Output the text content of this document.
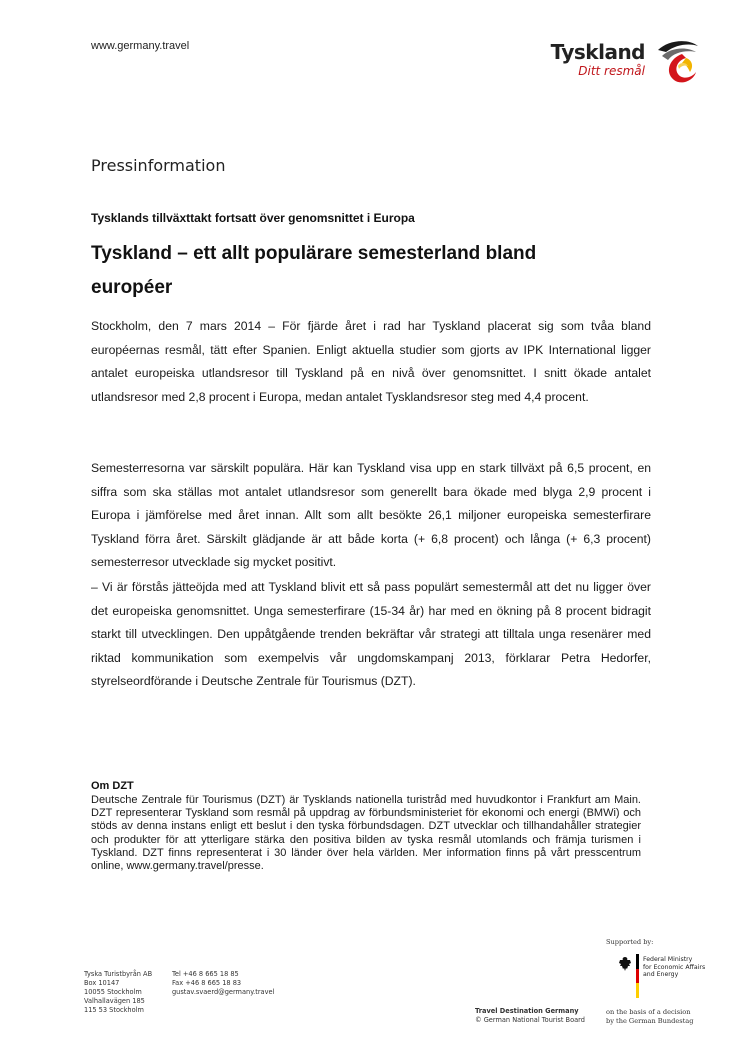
www.germany.travel	Tyskland
Ditt resmål
Pressinformation
Tysklands tillväxttakt fortsatt över genomsnittet i Europa
Tyskland – ett allt populärare semesterland bland
européer

Stockholm, den 7 mars 2014 – För fjärde året i rad har Tyskland placerat sig som tvåa bland européernas resmål, tätt efter Spanien. Enligt aktuella studier som gjorts av IPK International ligger antalet europeiska utlandsresor till Tyskland på en nivå över genomsnittet. I snitt ökade antalet utlandsresor med 2,8 procent i Europa, medan antalet Tysklandsresor steg med 4,4 procent.

Semesterresorna var särskilt populära. Här kan Tyskland visa upp en stark tillväxt på 6,5 procent, en siffra som ska ställas mot antalet utlandsresor som generellt bara ökade med blyga 2,9 procent i Europa i jämförelse med året innan. Allt som allt besökte 26,1 miljoner europeiska semesterfirare Tyskland förra året. Särskilt glädjande är att både korta (+ 6,8 procent) och långa (+ 6,3 procent) semesterresor utvecklade sig mycket positivt.

– Vi är förstås jätteöjda med att Tyskland blivit ett så pass populärt semestermål att det nu ligger över det europeiska genomsnittet. Unga semesterfirare (15-34 år) har med en ökning på 8 procent bidragit starkt till utvecklingen. Den uppåtgående trenden bekräftar vår strategi att tilltala unga resenärer med riktad kommunikation som exempelvis vår ungdomskampanj 2013, förklarar Petra Hedorfer, styrelseordförande i Deutsche Zentrale für Tourismus (DZT).

Om DZT

Deutsche Zentrale für Tourismus (DZT) är Tysklands nationella turistråd med huvudkontor i Frankfurt am Main. DZT representerar Tyskland som resmål på uppdrag av förbundsministeriet för ekonomi och energi (BMWi) och stöds av denna instans enligt ett beslut i den tyska förbundsdagen. DZT utvecklar och tillhandahåller strategier och produkter för att ytterligare stärka den positiva bilden av tyska resmål utomlands och främja turismen i Tyskland. DZT finns representerat i 30 länder över hela världen. Mer information finns på vårt presscentrum online, www.germany.travel/presse.

Tyska Turistbyrån AB
Box 10147
10055 Stockholm
Valhallavägen 185
115 53 Stockholm
Tel +46 8 665 18 85
Fax +46 8 665 18 83
gustav.svaerd@germany.travel
Travel Destination Germany
© German National Tourist Board
Supported by:
Federal Ministry
for Economic Affairs
and Energy
on the basis of a decision
by the German Bundestag
